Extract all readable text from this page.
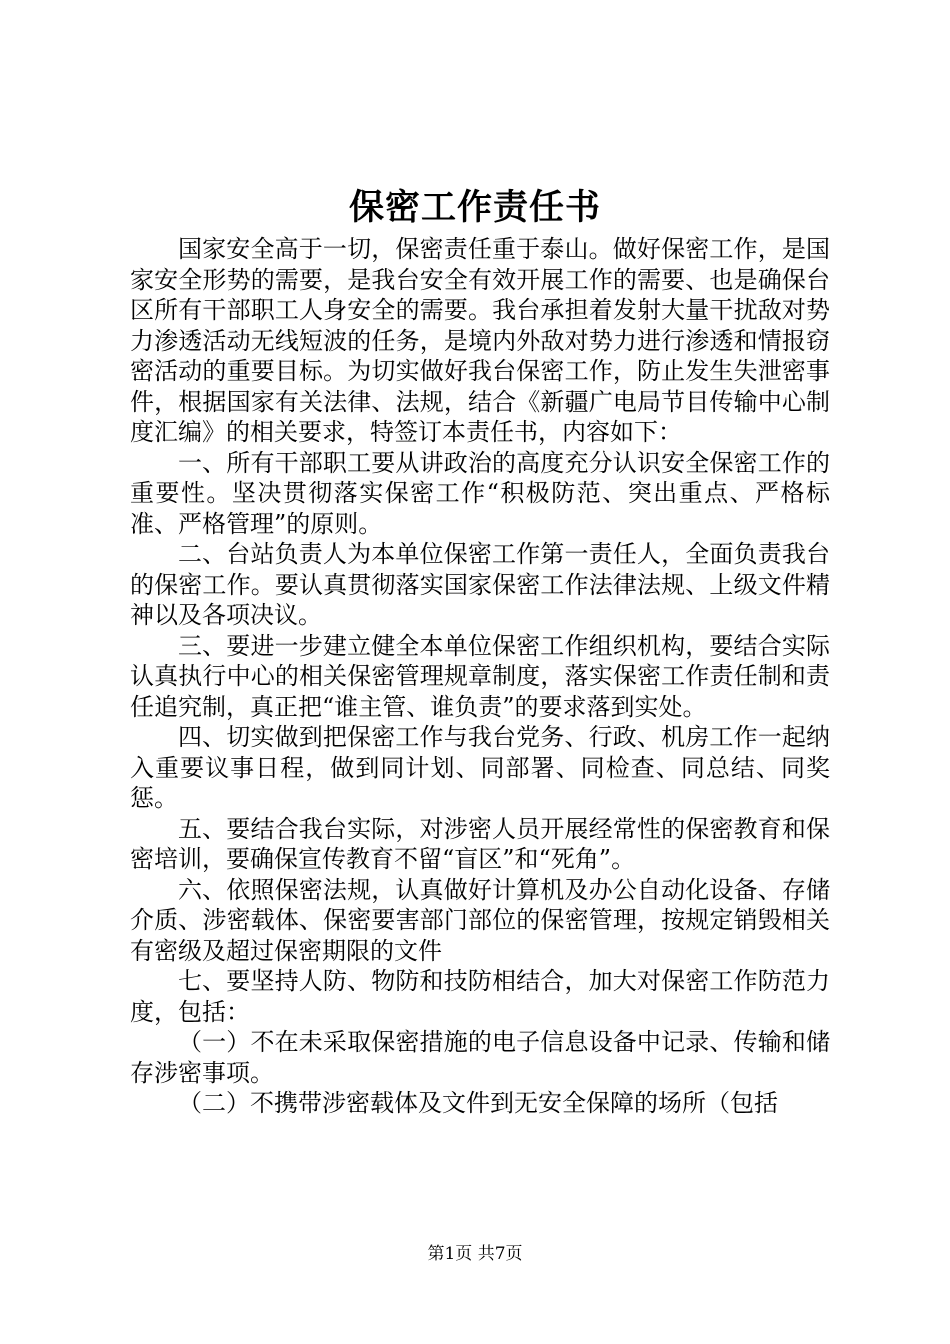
保密工作责任书

国家安全高于一切，保密责任重于泰山。做好保密工作，是国家安全形势的需要，是我台安全有效开展工作的需要、也是确保台区所有干部职工人身安全的需要。我台承担着发射大量干扰敌对势力渗透活动无线短波的任务，是境内外敌对势力进行渗透和情报窃密活动的重要目标。为切实做好我台保密工作，防止发生失泄密事件，根据国家有关法律、法规，结合《新疆广电局节目传输中心制度汇编》的相关要求，特签订本责任书，内容如下：

一、所有干部职工要从讲政治的高度充分认识安全保密工作的重要性。坚决贯彻落实保密工作“积极防范、突出重点、严格标准、严格管理”的原则。

二、台站负责人为本单位保密工作第一责任人，全面负责我台的保密工作。要认真贯彻落实国家保密工作法律法规、上级文件精神以及各项决议。

三、要进一步建立健全本单位保密工作组织机构，要结合实际认真执行中心的相关保密管理规章制度，落实保密工作责任制和责任追究制，真正把“谁主管、谁负责”的要求落到实处。

四、切实做到把保密工作与我台党务、行政、机房工作一起纳入重要议事日程，做到同计划、同部署、同检查、同总结、同奖惩。

五、要结合我台实际，对涉密人员开展经常性的保密教育和保密培训，要确保宣传教育不留“盲区”和“死角”。

六、依照保密法规，认真做好计算机及办公自动化设备、存储介质、涉密载体、保密要害部门部位的保密管理，按规定销毁相关有密级及超过保密期限的文件

七、要坚持人防、物防和技防相结合，加大对保密工作防范力度，包括：

（一）不在未采取保密措施的电子信息设备中记录、传输和储存涉密事项。

（二）不携带涉密载体及文件到无安全保障的场所（包括

第1页 共7页
